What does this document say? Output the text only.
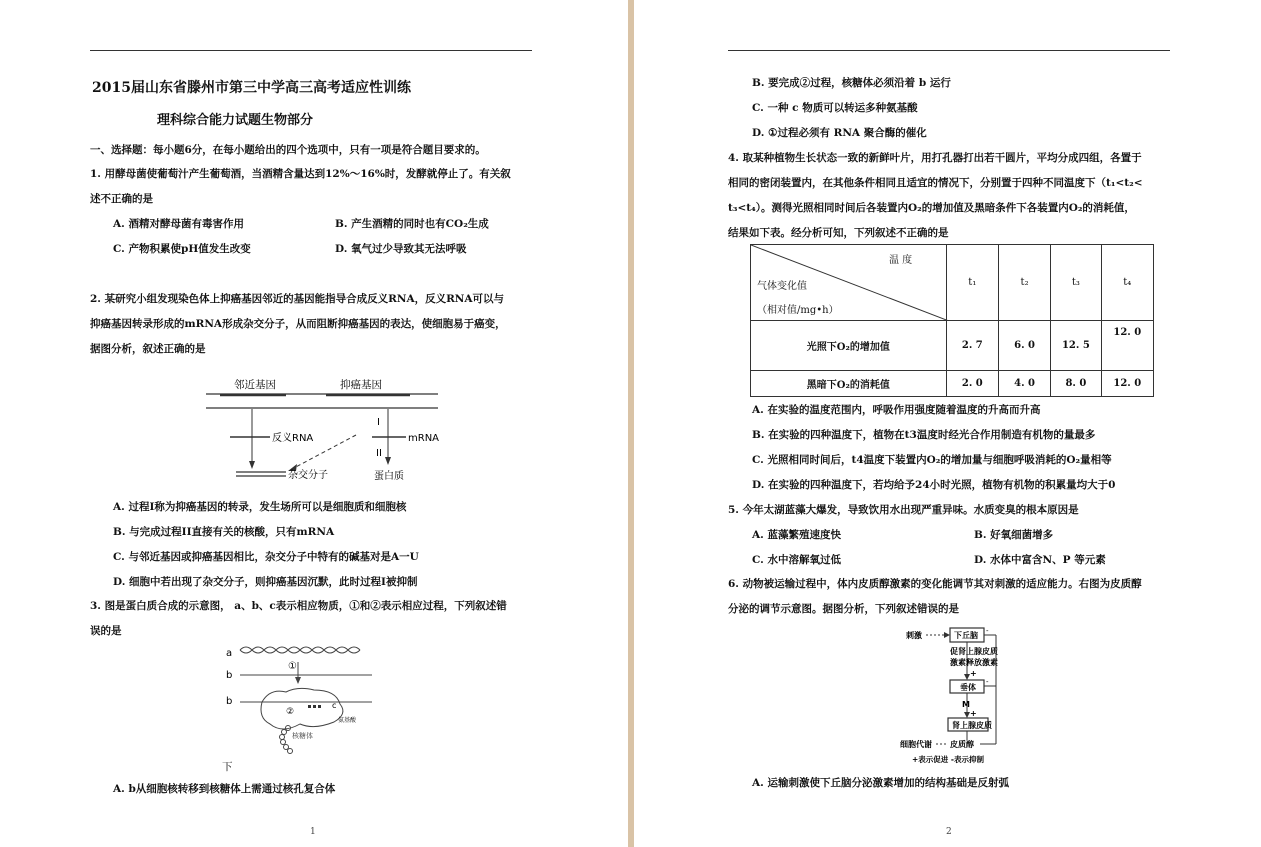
2015届山东省滕州市第三中学高三高考适应性训练
理科综合能力试题生物部分
一、选择题：每小题6分，在每小题给出的四个选项中，只有一项是符合题目要求的。
1. 用酵母菌使葡萄汁产生葡萄酒，当酒精含量达到12%～16%时，发酵就停止了。有关叙
述不正确的是
A. 酒精对酵母菌有毒害作用	B. 产生酒精的同时也有CO₂生成
C. 产物积累使pH值发生改变	D. 氧气过少导致其无法呼吸
2. 某研究小组发现染色体上抑癌基因邻近的基因能指导合成反义RNA，反义RNA可以与
抑癌基因转录形成的mRNA形成杂交分子，从而阻断抑癌基因的表达，使细胞易于癌变，
据图分析，叙述正确的是
邻近基因	抑癌基因
反义RNA	mRNA
I
II
杂交分子	蛋白质
A. 过程I称为抑癌基因的转录，发生场所可以是细胞质和细胞核
B. 与完成过程II直接有关的核酸，只有mRNA
C. 与邻近基因或抑癌基因相比，杂交分子中特有的碱基对是A一U
D. 细胞中若出现了杂交分子，则抑癌基因沉默，此时过程I被抑制
3. 图是蛋白质合成的示意图， a、b、c表示相应物质，①和②表示相应过程，下列叙述错
误的是
a
①
b
b
②
c
氨基酸
核糖体
下
A. b从细胞核转移到核糖体上需通过核孔复合体
1
B. 要完成②过程，核糖体必须沿着 b 运行
C. 一种 c 物质可以转运多种氨基酸
D. ①过程必须有 RNA 聚合酶的催化
4. 取某种植物生长状态一致的新鲜叶片，用打孔器打出若干圆片，平均分成四组，各置于
相同的密闭装置内，在其他条件相同且适宜的情况下，分别置于四种不同温度下（t₁<t₂<
t₃<t₄）。测得光照相同时间后各装置内O₂的增加值及黑暗条件下各装置内O₂的消耗值，
结果如下表。经分析可知，下列叙述不正确的是
温 度
气体变化值
（相对值/mg•h）	t₁	t₂	t₃	t₄
光照下O₂的增加值	2. 7	6. 0	12. 5	12. 0
黑暗下O₂的消耗值	2. 0	4. 0	8. 0	12. 0
A. 在实验的温度范围内，呼吸作用强度随着温度的升高而升高
B. 在实验的四种温度下，植物在t3温度时经光合作用制造有机物的量最多
C. 光照相同时间后，t4温度下装置内O₂的增加量与细胞呼吸消耗的O₂量相等
D. 在实验的四种温度下，若均给予24小时光照，植物有机物的积累量均大于0
5. 今年太湖蓝藻大爆发，导致饮用水出现严重异味。水质变臭的根本原因是
A. 蓝藻繁殖速度快	B. 好氧细菌增多
C. 水中溶解氧过低	D. 水体中富含N、P 等元素
6. 动物被运输过程中，体内皮质醇激素的变化能调节其对刺激的适应能力。右图为皮质醇
分泌的调节示意图。据图分析，下列叙述错误的是
刺激	下丘脑
促肾上腺皮质
激素释放激素
+
垂体
M
+
肾上腺皮质
-
-
皮质醇
细胞代谢
+表示促进 -表示抑制
A. 运输刺激使下丘脑分泌激素增加的结构基础是反射弧
2
